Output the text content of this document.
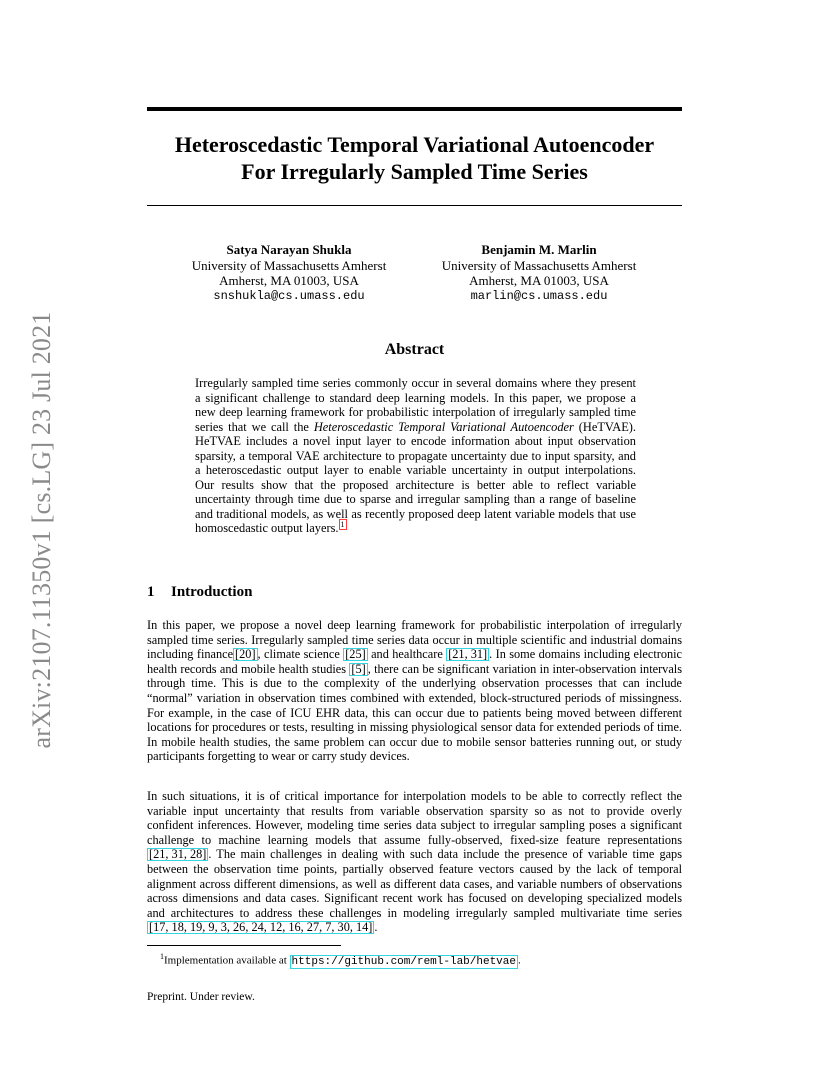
arXiv:2107.11350v1 [cs.LG] 23 Jul 2021
Heteroscedastic Temporal Variational Autoencoder
For Irregularly Sampled Time Series
Satya Narayan Shukla
University of Massachusetts Amherst
Amherst, MA 01003, USA
snshukla@cs.umass.edu
Benjamin M. Marlin
University of Massachusetts Amherst
Amherst, MA 01003, USA
marlin@cs.umass.edu
Abstract
Irregularly sampled time series commonly occur in several domains where they present a significant challenge to standard deep learning models. In this paper, we propose a new deep learning framework for probabilistic interpolation of irregularly sampled time series that we call the Heteroscedastic Temporal Variational Autoencoder (HeTVAE). HeTVAE includes a novel input layer to encode information about input observation sparsity, a temporal VAE architecture to propagate uncertainty due to input sparsity, and a heteroscedastic output layer to enable variable uncertainty in output interpolations. Our results show that the proposed architecture is better able to reflect variable uncertainty through time due to sparse and irregular sampling than a range of baseline and traditional models, as well as recently proposed deep latent variable models that use homoscedastic output layers. $^1$
1 Introduction
In this paper, we propose a novel deep learning framework for probabilistic interpolation of irregularly sampled time series. Irregularly sampled time series data occur in multiple scientific and industrial domains including finance [20] , climate science [25] and healthcare [21, 31] . In some domains including electronic health records and mobile health studies [5] , there can be significant variation in inter-observation intervals through time. This is due to the complexity of the underlying observation processes that can include “normal” variation in observation times combined with extended, block-structured periods of missingness. For example, in the case of ICU EHR data, this can occur due to patients being moved between different locations for procedures or tests, resulting in missing physiological sensor data for extended periods of time. In mobile health studies, the same problem can occur due to mobile sensor batteries running out, or study participants forgetting to wear or carry study devices.
In such situations, it is of critical importance for interpolation models to be able to correctly reflect the variable input uncertainty that results from variable observation sparsity so as not to provide overly confident inferences. However, modeling time series data subject to irregular sampling poses a significant challenge to machine learning models that assume fully-observed, fixed-size feature representations [21, 31, 28] . The main challenges in dealing with such data include the presence of variable time gaps between the observation time points, partially observed feature vectors caused by the lack of temporal alignment across different dimensions, as well as different data cases, and variable numbers of observations across dimensions and data cases. Significant recent work has focused on developing specialized models and architectures to address these challenges in modeling irregularly sampled multivariate time series [17, 18, 19, 9, 3, 26, 24, 12, 16, 27, 7, 30, 14] .
$^1$Implementation available at https://github.com/reml-lab/hetvae .
Preprint. Under review.
